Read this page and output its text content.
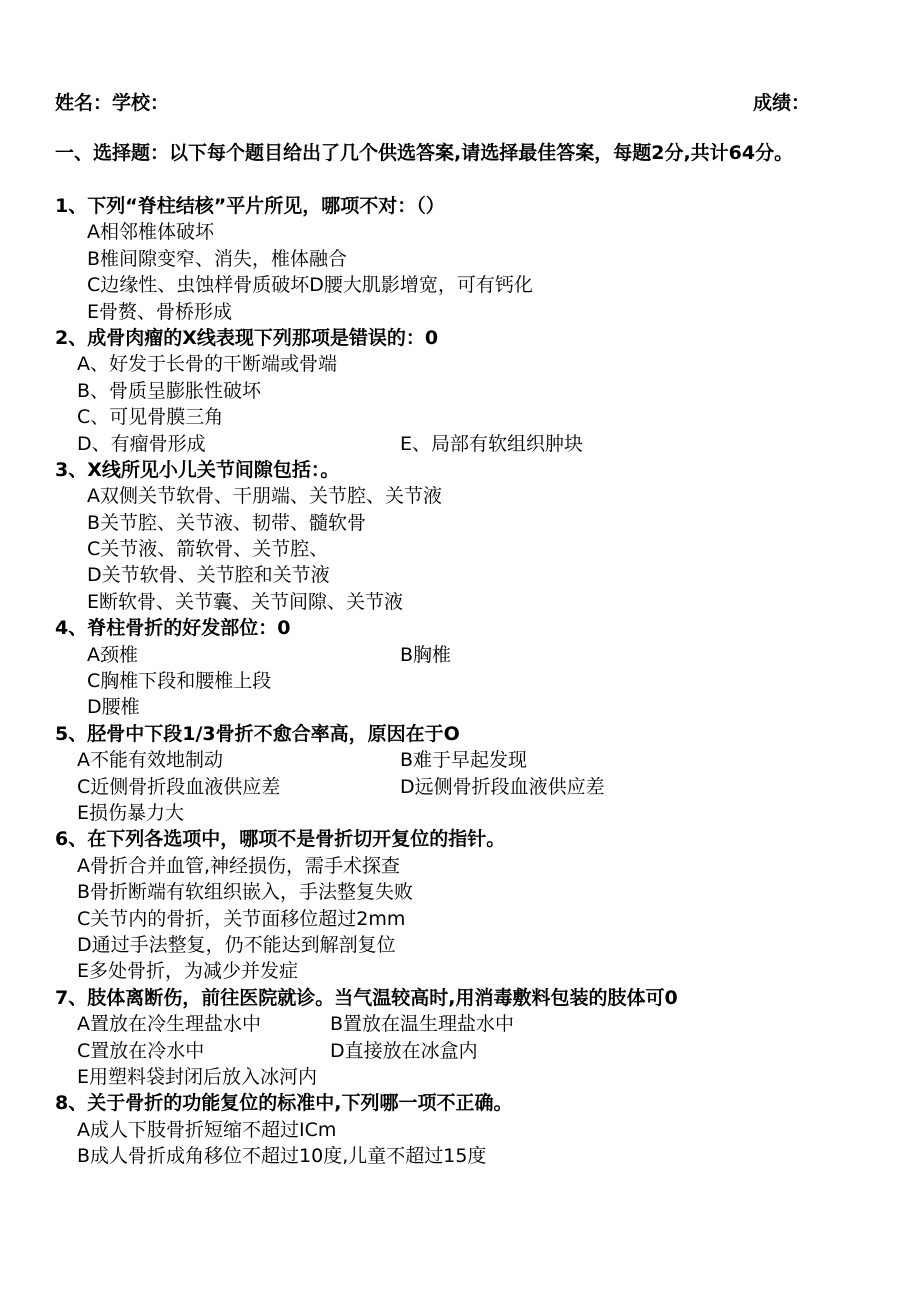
姓名：学校：	成绩：
一、选择题：以下每个题目给出了几个供选答案,请选择最佳答案，每题2分,共计64分。
1、下列“脊柱结核”平片所见，哪项不对：（）
A相邻椎体破坏
B椎间隙变窄、消失，椎体融合
C边缘性、虫蚀样骨质破坏D腰大肌影增宽，可有钙化
E骨赘、骨桥形成
2、成骨肉瘤的X线表现下列那项是错误的：0
A、好发于长骨的干断端或骨端
B、骨质呈膨胀性破坏
C、可见骨膜三角
D、有瘤骨形成	E、局部有软组织肿块
3、X线所见小儿关节间隙包括：。
A双侧关节软骨、干朋端、关节腔、关节液
B关节腔、关节液、韧带、髓软骨
C关节液、箭软骨、关节腔、
D关节软骨、关节腔和关节液
E断软骨、关节囊、关节间隙、关节液
4、脊柱骨折的好发部位：0
A颈椎	B胸椎
C胸椎下段和腰椎上段
D腰椎
5、胫骨中下段1/3骨折不愈合率高，原因在于O
A不能有效地制动	B难于早起发现
C近侧骨折段血液供应差	D远侧骨折段血液供应差
E损伤暴力大
6、在下列各选项中，哪项不是骨折切开复位的指针。
A骨折合并血管,神经损伤，需手术探查
B骨折断端有软组织嵌入，手法整复失败
C关节内的骨折，关节面移位超过2mm
D通过手法整复，仍不能达到解剖复位
E多处骨折，为减少并发症
7、肢体离断伤，前往医院就诊。当气温较高时,用消毒敷料包装的肢体可0
A置放在冷生理盐水中	B置放在温生理盐水中
C置放在冷水中	D直接放在冰盒内
E用塑料袋封闭后放入冰河内
8、关于骨折的功能复位的标准中,下列哪一项不正确。
A成人下肢骨折短缩不超过ICm
B成人骨折成角移位不超过10度,儿童不超过15度
